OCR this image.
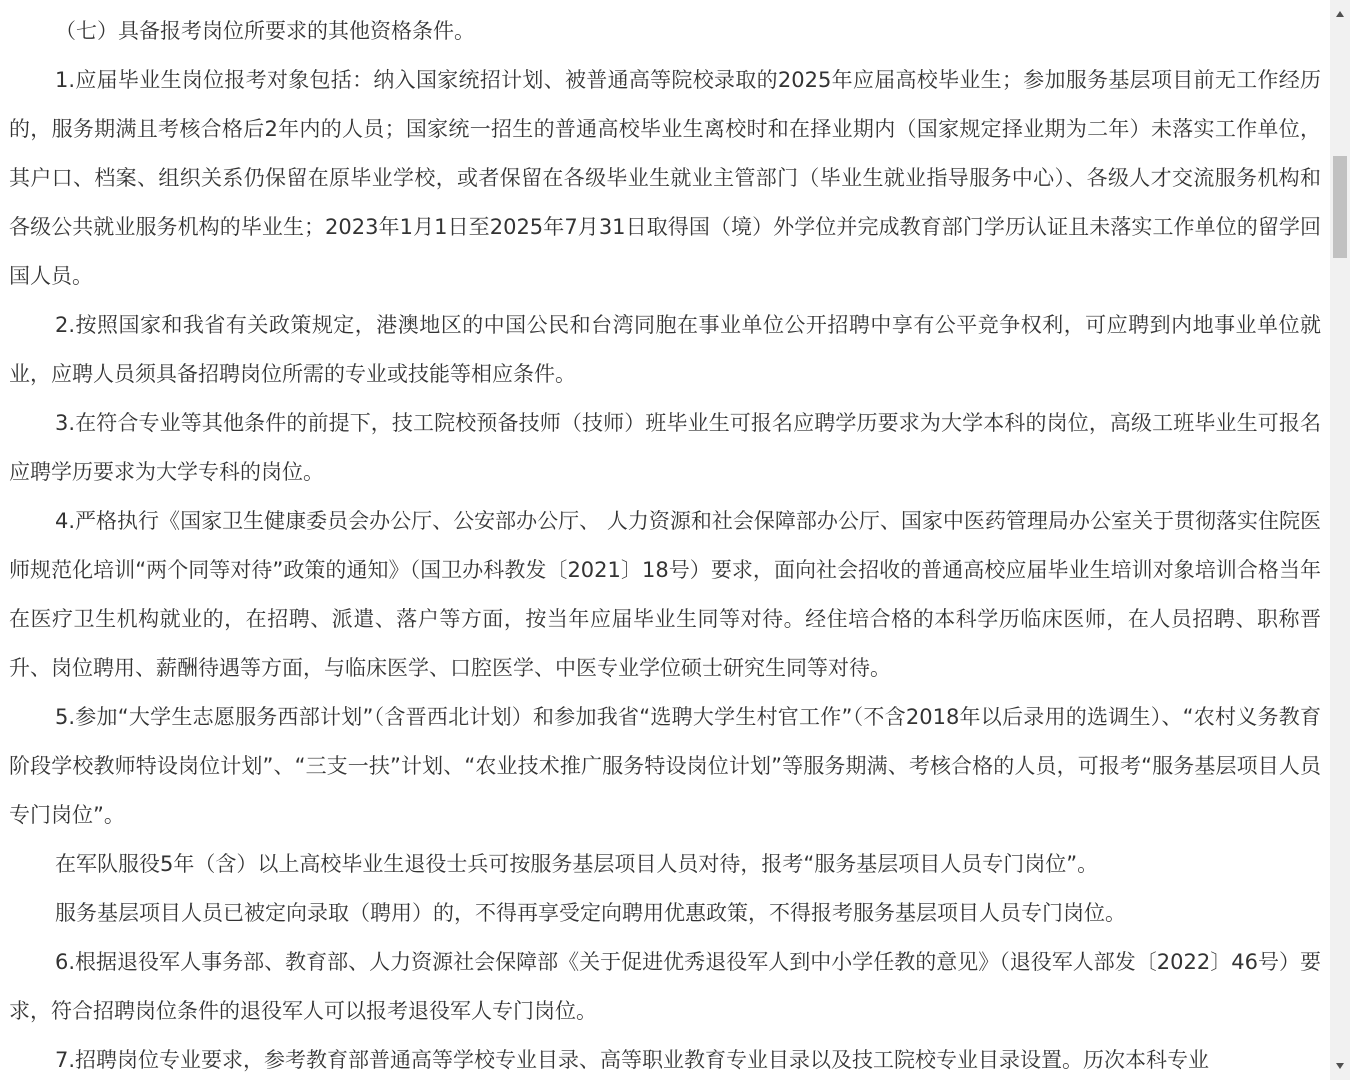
（七）具备报考岗位所要求的其他资格条件。

1.应届毕业生岗位报考对象包括：纳入国家统招计划、被普通高等院校录取的2025年应届高校毕业生；参加服务基层项目前无工作经历的，服务期满且考核合格后2年内的人员；国家统一招生的普通高校毕业生离校时和在择业期内（国家规定择业期为二年）未落实工作单位，其户口、档案、组织关系仍保留在原毕业学校，或者保留在各级毕业生就业主管部门（毕业生就业指导服务中心）、各级人才交流服务机构和各级公共就业服务机构的毕业生；2023年1月1日至2025年7月31日取得国（境）外学位并完成教育部门学历认证且未落实工作单位的留学回国人员。

2.按照国家和我省有关政策规定，港澳地区的中国公民和台湾同胞在事业单位公开招聘中享有公平竞争权利，可应聘到内地事业单位就业，应聘人员须具备招聘岗位所需的专业或技能等相应条件。

3.在符合专业等其他条件的前提下，技工院校预备技师（技师）班毕业生可报名应聘学历要求为大学本科的岗位，高级工班毕业生可报名应聘学历要求为大学专科的岗位。

4.严格执行《国家卫生健康委员会办公厅、公安部办公厅、 人力资源和社会保障部办公厅、国家中医药管理局办公室关于贯彻落实住院医师规范化培训“两个同等对待”政策的通知》（国卫办科教发〔2021〕18号）要求，面向社会招收的普通高校应届毕业生培训对象培训合格当年在医疗卫生机构就业的，在招聘、派遣、落户等方面，按当年应届毕业生同等对待。经住培合格的本科学历临床医师，在人员招聘、职称晋升、岗位聘用、薪酬待遇等方面，与临床医学、口腔医学、中医专业学位硕士研究生同等对待。

5.参加“大学生志愿服务西部计划”（含晋西北计划）和参加我省“选聘大学生村官工作”（不含2018年以后录用的选调生）、“农村义务教育阶段学校教师特设岗位计划”、“三支一扶”计划、“农业技术推广服务特设岗位计划”等服务期满、考核合格的人员，可报考“服务基层项目人员专门岗位”。

在军队服役5年（含）以上高校毕业生退役士兵可按服务基层项目人员对待，报考“服务基层项目人员专门岗位”。

服务基层项目人员已被定向录取（聘用）的，不得再享受定向聘用优惠政策，不得报考服务基层项目人员专门岗位。

6.根据退役军人事务部、教育部、人力资源社会保障部《关于促进优秀退役军人到中小学任教的意见》（退役军人部发〔2022〕46号）要求，符合招聘岗位条件的退役军人可以报考退役军人专门岗位。

7.招聘岗位专业要求，参考教育部普通高等学校专业目录、高等职业教育专业目录以及技工院校专业目录设置。历次本科专业
